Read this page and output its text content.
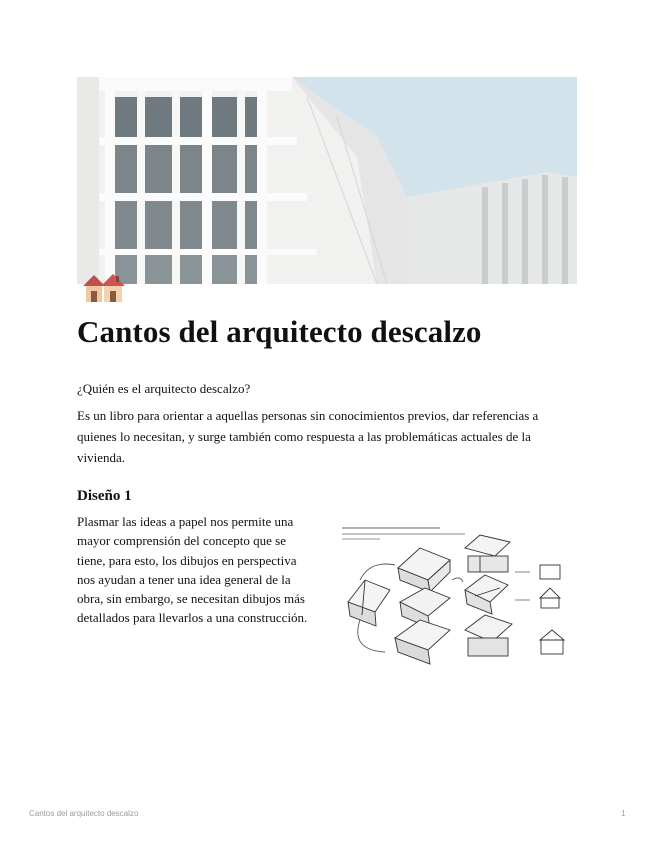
Cantos del arquitecto descalzo

¿Quién es el arquitecto descalzo?

Es un libro para orientar a aquellas personas sin conocimientos previos, dar referencias a quienes lo necesitan, y surge también como respuesta a las problemáticas actuales de la vivienda.

Diseño 1

Plasmar las ideas a papel nos permite una mayor comprensión del concepto que se tiene, para esto, los dibujos en perspectiva nos ayudan a tener una idea general de la obra, sin embargo, se necesitan dibujos más detallados para llevarlos a una construcción.

Cantos del arquitecto descalzo	1
